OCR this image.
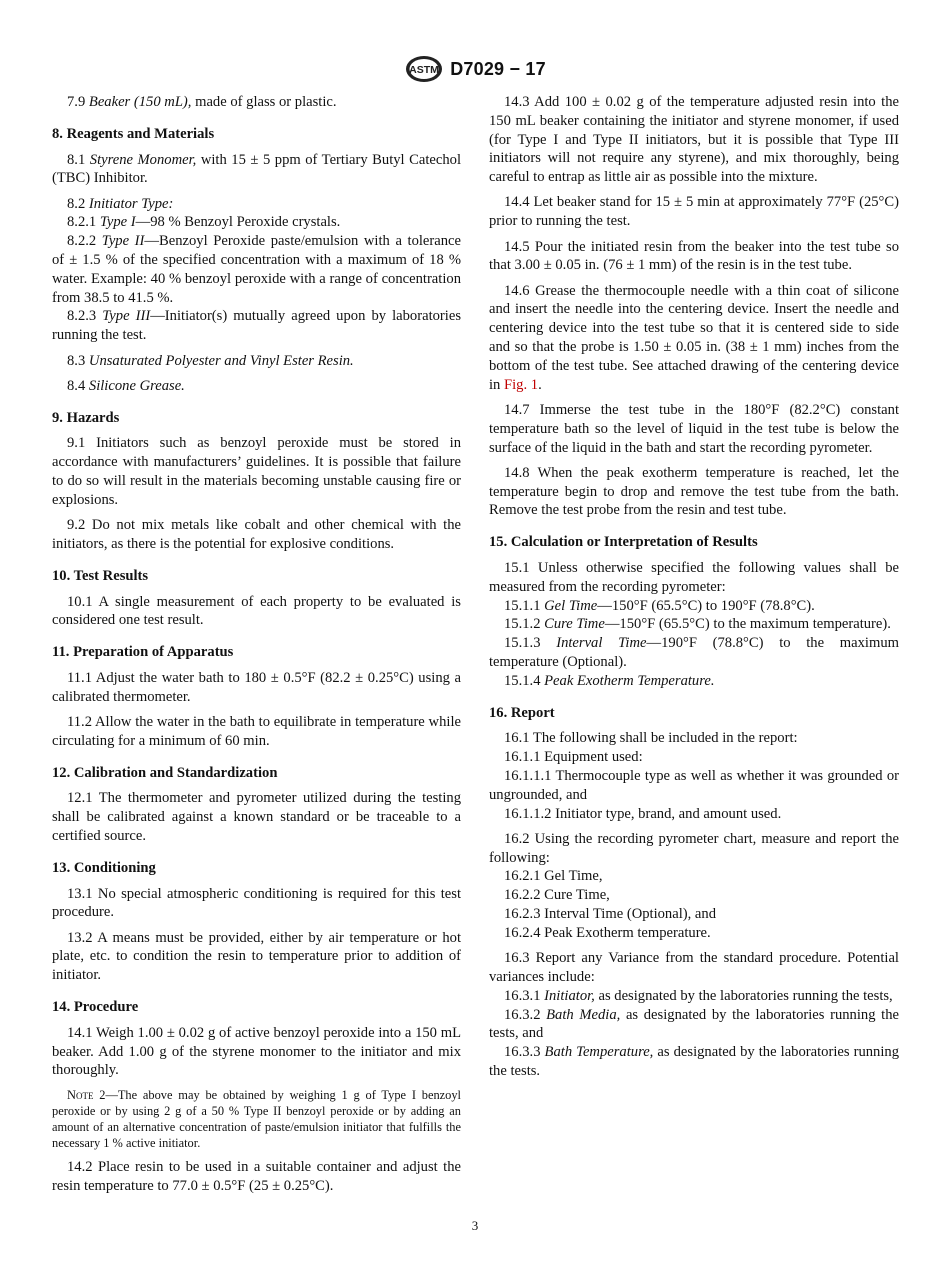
ASTM D7029 − 17

7.9 Beaker (150 mL), made of glass or plastic.

8. Reagents and Materials

8.1 Styrene Monomer, with 15 ± 5 ppm of Tertiary Butyl Catechol (TBC) Inhibitor.

8.2 Initiator Type:

8.2.1 Type I—98 % Benzoyl Peroxide crystals.

8.2.2 Type II—Benzoyl Peroxide paste/emulsion with a tolerance of ± 1.5 % of the specified concentration with a maximum of 18 % water. Example: 40 % benzoyl peroxide with a range of concentration from 38.5 to 41.5 %.

8.2.3 Type III—Initiator(s) mutually agreed upon by laboratories running the test.

8.3 Unsaturated Polyester and Vinyl Ester Resin.

8.4 Silicone Grease.

9. Hazards

9.1 Initiators such as benzoyl peroxide must be stored in accordance with manufacturers’ guidelines. It is possible that failure to do so will result in the materials becoming unstable causing fire or explosions.

9.2 Do not mix metals like cobalt and other chemical with the initiators, as there is the potential for explosive conditions.

10. Test Results

10.1 A single measurement of each property to be evaluated is considered one test result.

11. Preparation of Apparatus

11.1 Adjust the water bath to 180 ± 0.5°F (82.2 ± 0.25°C) using a calibrated thermometer.

11.2 Allow the water in the bath to equilibrate in temperature while circulating for a minimum of 60 min.

12. Calibration and Standardization

12.1 The thermometer and pyrometer utilized during the testing shall be calibrated against a known standard or be traceable to a certified source.

13. Conditioning

13.1 No special atmospheric conditioning is required for this test procedure.

13.2 A means must be provided, either by air temperature or hot plate, etc. to condition the resin to temperature prior to addition of initiator.

14. Procedure

14.1 Weigh 1.00 ± 0.02 g of active benzoyl peroxide into a 150 mL beaker. Add 1.00 g of the styrene monomer to the initiator and mix thoroughly.

Note 2—The above may be obtained by weighing 1 g of Type I benzoyl peroxide or by using 2 g of a 50 % Type II benzoyl peroxide or by adding an amount of an alternative concentration of paste/emulsion initiator that fulfills the necessary 1 % active initiator.

14.2 Place resin to be used in a suitable container and adjust the resin temperature to 77.0 ± 0.5°F (25 ± 0.25°C).

14.3 Add 100 ± 0.02 g of the temperature adjusted resin into the 150 mL beaker containing the initiator and styrene monomer, if used (for Type I and Type II initiators, but it is possible that Type III initiators will not require any styrene), and mix thoroughly, being careful to entrap as little air as possible into the mixture.

14.4 Let beaker stand for 15 ± 5 min at approximately 77°F (25°C) prior to running the test.

14.5 Pour the initiated resin from the beaker into the test tube so that 3.00 ± 0.05 in. (76 ± 1 mm) of the resin is in the test tube.

14.6 Grease the thermocouple needle with a thin coat of silicone and insert the needle into the centering device. Insert the needle and centering device into the test tube so that it is centered side to side and so that the probe is 1.50 ± 0.05 in. (38 ± 1 mm) inches from the bottom of the test tube. See attached drawing of the centering device in Fig. 1.

14.7 Immerse the test tube in the 180°F (82.2°C) constant temperature bath so the level of liquid in the test tube is below the surface of the liquid in the bath and start the recording pyrometer.

14.8 When the peak exotherm temperature is reached, let the temperature begin to drop and remove the test tube from the bath. Remove the test probe from the resin and test tube.

15. Calculation or Interpretation of Results

15.1 Unless otherwise specified the following values shall be measured from the recording pyrometer:

15.1.1 Gel Time—150°F (65.5°C) to 190°F (78.8°C).

15.1.2 Cure Time—150°F (65.5°C) to the maximum temperature).

15.1.3 Interval Time—190°F (78.8°C) to the maximum temperature (Optional).

15.1.4 Peak Exotherm Temperature.

16. Report

16.1 The following shall be included in the report:

16.1.1 Equipment used:

16.1.1.1 Thermocouple type as well as whether it was grounded or ungrounded, and

16.1.1.2 Initiator type, brand, and amount used.

16.2 Using the recording pyrometer chart, measure and report the following:

16.2.1 Gel Time,

16.2.2 Cure Time,

16.2.3 Interval Time (Optional), and

16.2.4 Peak Exotherm temperature.

16.3 Report any Variance from the standard procedure. Potential variances include:

16.3.1 Initiator, as designated by the laboratories running the tests,

16.3.2 Bath Media, as designated by the laboratories running the tests, and

16.3.3 Bath Temperature, as designated by the laboratories running the tests.

3
